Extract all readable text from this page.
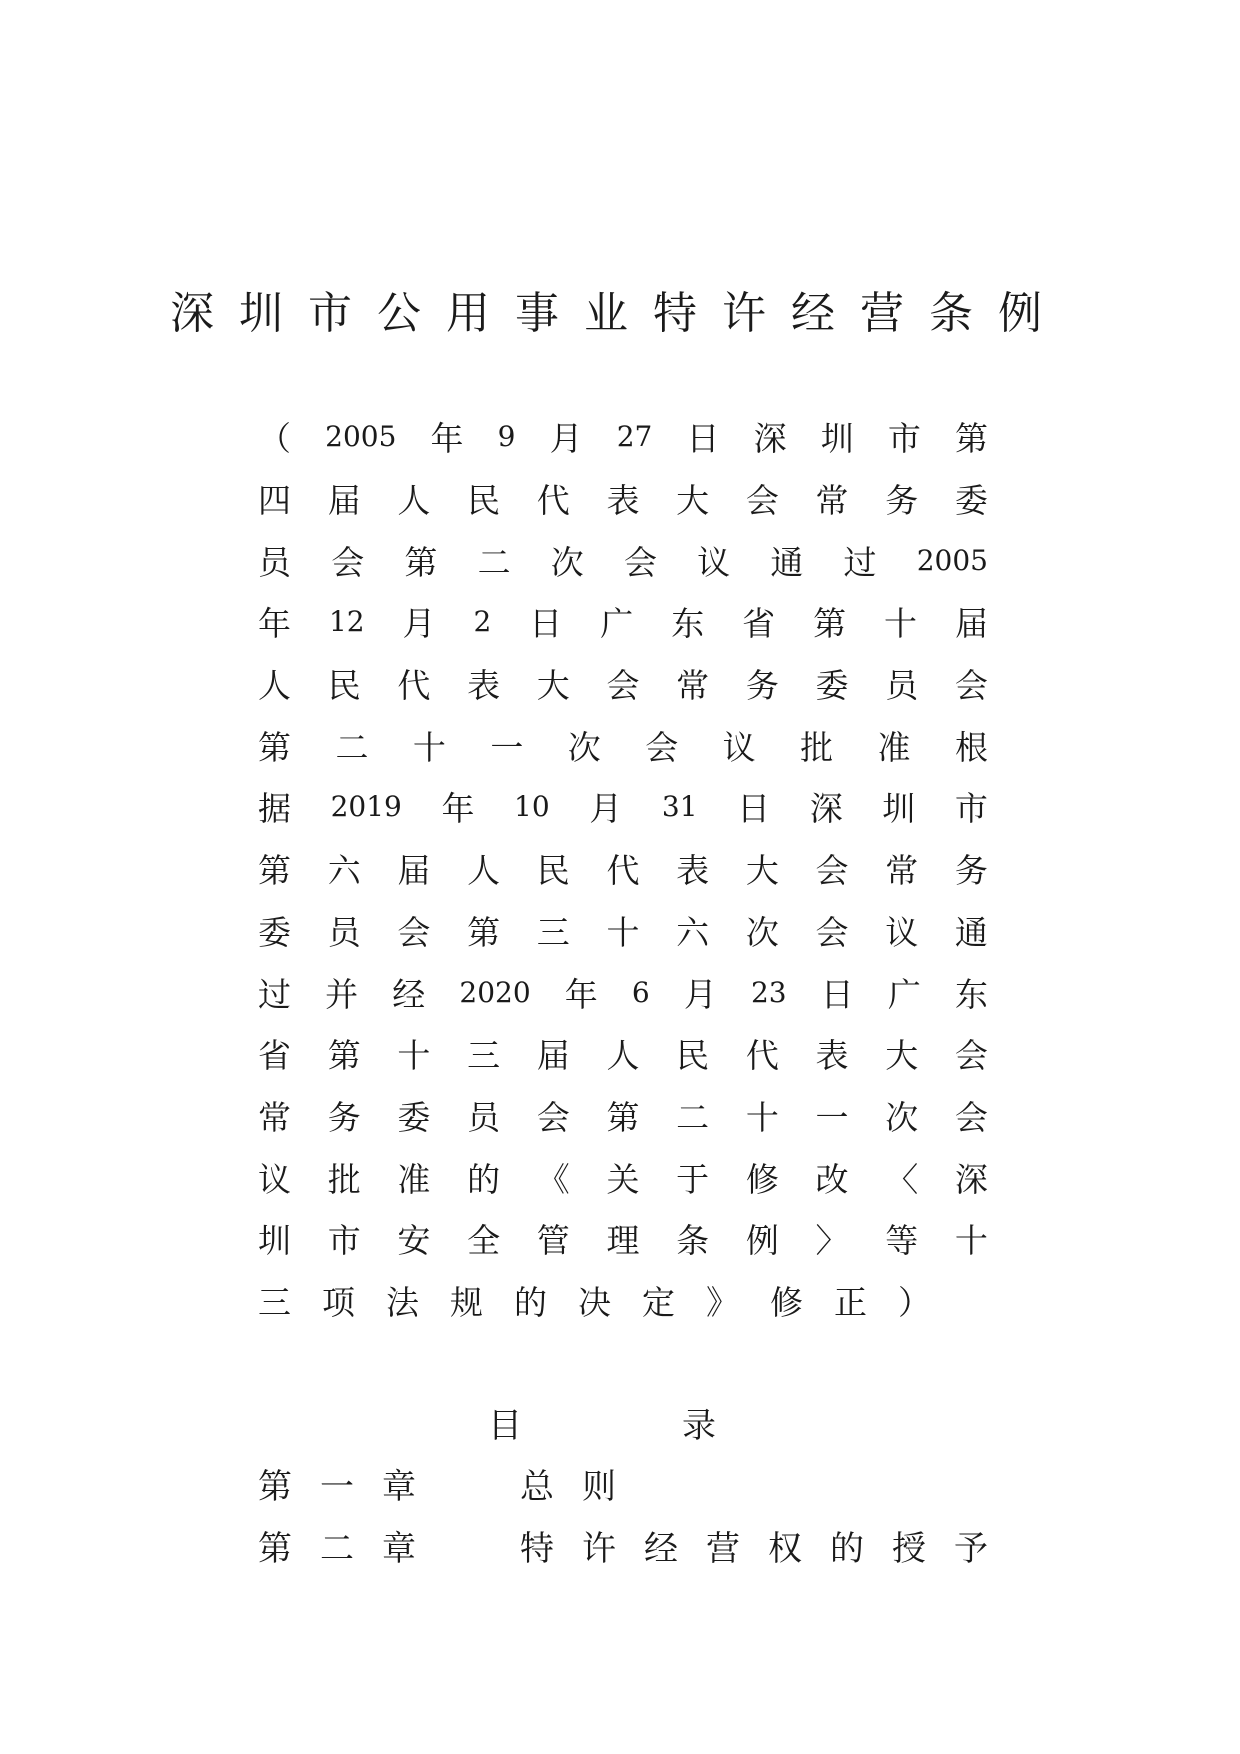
深圳市公用事业特许经营条例
（ 2005 年 9 月 27 日 深 圳 市 第
四 届 人 民 代 表 大 会 常 务 委
员 会 第 二 次 会 议 通 过 2005
年 12 月 2 日 广 东 省 第 十 届
人 民 代 表 大 会 常 务 委 员 会
第 二 十 一 次 会 议 批 准 根
据 2019 年 10 月 31 日 深 圳 市
第 六 届 人 民 代 表 大 会 常 务
委 员 会 第 三 十 六 次 会 议 通
过 并 经 2020 年 6 月 23 日 广 东
省 第 十 三 届 人 民 代 表 大 会
常 务 委 员 会 第 二 十 一 次 会
议 批 准 的 《 关 于 修 改 〈 深
圳 市 安 全 管 理 条 例 〉 等 十
三 项 法 规 的 决 定 》 修 正 ）
目录
第一章 总则
第二章 特许经营权的授予
